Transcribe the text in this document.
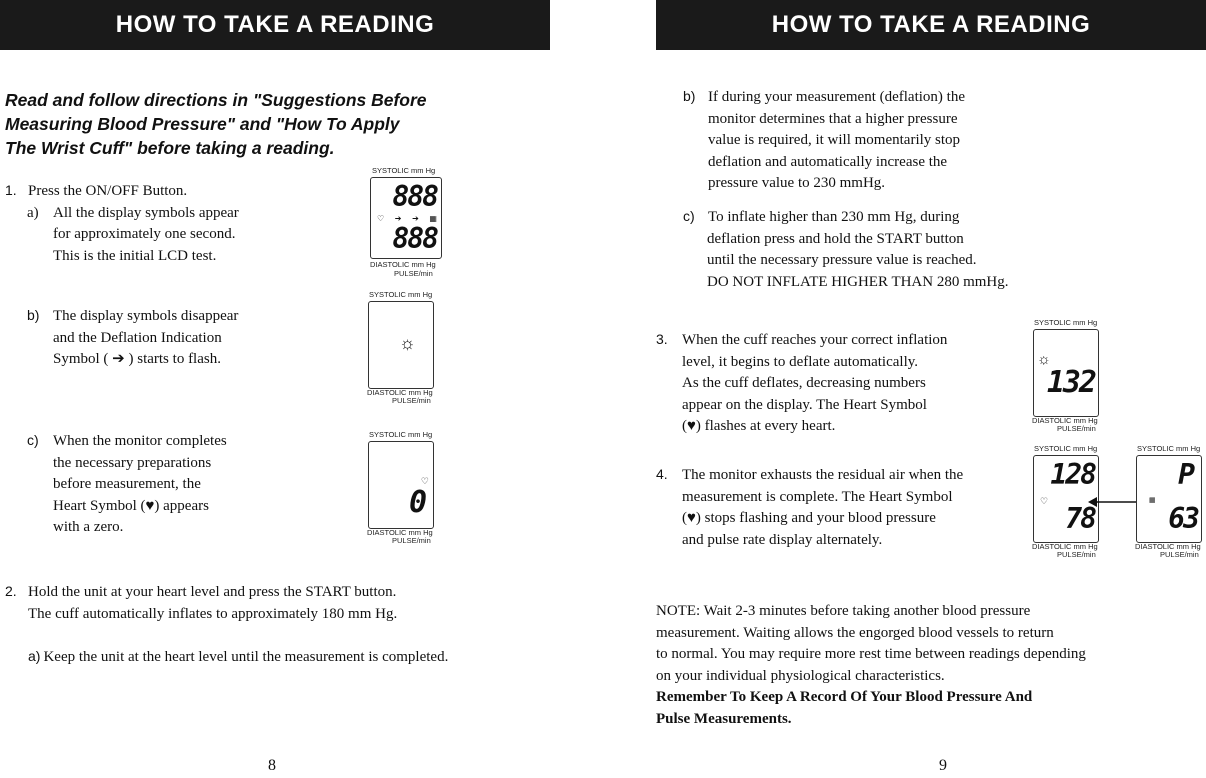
HOW TO TAKE A READING
Read and follow directions in "Suggestions Before
Measuring Blood Pressure" and "How To Apply
The Wrist Cuff" before taking a reading.
1. Press the ON/OFF Button.
a) All the display symbols appear
for approximately one second.
This is the initial LCD test.
b) The display symbols disappear
and the Deflation Indication
Symbol ( ➔ ) starts to flash.
c) When the monitor completes
the necessary preparations
before measurement, the
Heart Symbol (♥) appears
with a zero.
2. Hold the unit at your heart level and press the START button.
The cuff automatically inflates to approximately 180 mm Hg.
a) Keep the unit at the heart level until the measurement is completed.
8
SYSTOLIC mm Hg
888
♡ ➔ ➔ ▦
888
DIASTOLIC mm Hg
PULSE/min
SYSTOLIC mm Hg
☼
DIASTOLIC mm Hg
PULSE/min
SYSTOLIC mm Hg
♡
0
DIASTOLIC mm Hg
PULSE/min
HOW TO TAKE A READING
b) If during your measurement (deflation) the
monitor determines that a higher pressure
value is required, it will momentarily stop
deflation and automatically increase the
pressure value to 230 mmHg.
c) To inflate higher than 230 mm Hg, during
deflation press and hold the START button
until the necessary pressure value is reached.
DO NOT INFLATE HIGHER THAN 280 mmHg.
3. When the cuff reaches your correct inflation
level, it begins to deflate automatically.
As the cuff deflates, decreasing numbers
appear on the display. The Heart Symbol
(♥) flashes at every heart.
4. The monitor exhausts the residual air when the
measurement is complete. The Heart Symbol
(♥) stops flashing and your blood pressure
and pulse rate display alternately.
NOTE: Wait 2-3 minutes before taking another blood pressure
measurement. Waiting allows the engorged blood vessels to return
to normal. You may require more rest time between readings depending
on your individual physiological characteristics.
Remember To Keep A Record Of Your Blood Pressure And
Pulse Measurements.
9
SYSTOLIC mm Hg
☼
132
DIASTOLIC mm Hg
PULSE/min
SYSTOLIC mm Hg
128
♡
78
DIASTOLIC mm Hg
PULSE/min
SYSTOLIC mm Hg
P
▦
63
DIASTOLIC mm Hg
PULSE/min
